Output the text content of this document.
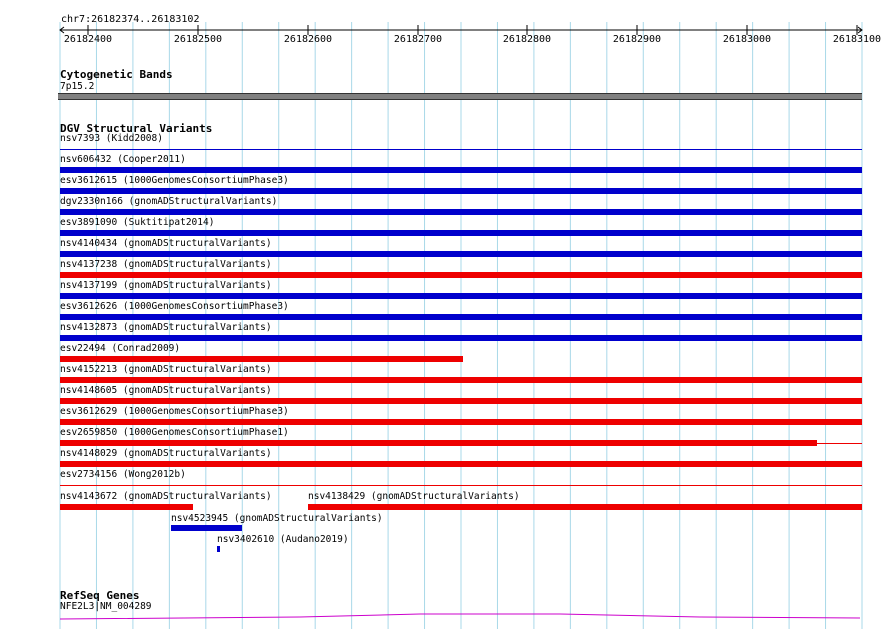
chr7:26182374..26183102
26182400	26182500	26182600	26182700	26182800	26182900	26183000	26183100
Cytogenetic Bands
7p15.2
DGV Structural Variants
nsv7393 (Kidd2008)
nsv606432 (Cooper2011)
esv3612615 (1000GenomesConsortiumPhase3)
dgv2330n166 (gnomADStructuralVariants)
esv3891090 (Suktitipat2014)
nsv4140434 (gnomADStructuralVariants)
nsv4137238 (gnomADStructuralVariants)
nsv4137199 (gnomADStructuralVariants)
esv3612626 (1000GenomesConsortiumPhase3)
nsv4132873 (gnomADStructuralVariants)
esv22494 (Conrad2009)
nsv4152213 (gnomADStructuralVariants)
nsv4148605 (gnomADStructuralVariants)
esv3612629 (1000GenomesConsortiumPhase3)
esv2659850 (1000GenomesConsortiumPhase1)
nsv4148029 (gnomADStructuralVariants)
esv2734156 (Wong2012b)
nsv4143672 (gnomADStructuralVariants)	nsv4138429 (gnomADStructuralVariants)
nsv4523945 (gnomADStructuralVariants)
nsv3402610 (Audano2019)
RefSeq Genes
NFE2L3|NM_004289
